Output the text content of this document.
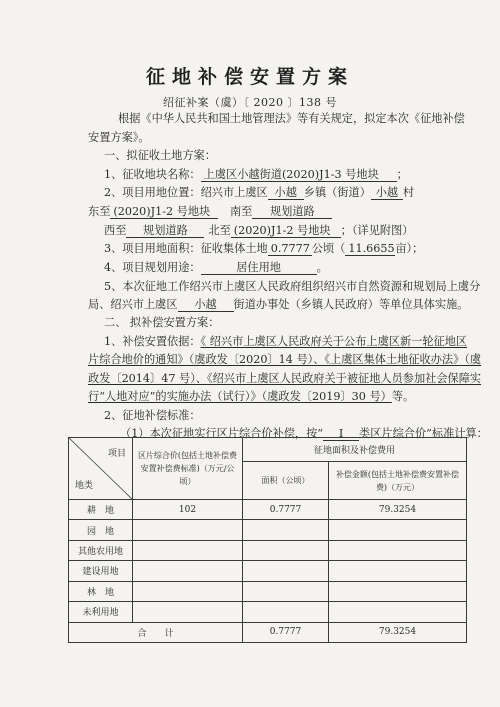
征地补偿安置方案
绍征补案（虞）〔 2020 〕138 号
根据《中华人民共和国土地管理法》等有关规定，拟定本次《征地补偿
安置方案》。
一、拟征收土地方案：
1、征收地块名称： 上虞区小越街道(2020)J1-3 号地块 ；
2、项目用地位置：绍兴市上虞区 小越 乡镇（街道） 小越 村
东至 (2020)J1-2 号地块 南至 规划道路
西至 规划道路 北至 (2020)J1-2 号地块 ；（详见附图）
3、项目用地面积：征收集体土地 0.7777 公顷（ 11.6655亩）；
4、项目规划用途：	居住用地	。
5、本次征地工作绍兴市上虞区人民政府组织绍兴市自然资源和规划局上虞分
局、绍兴市上虞区 小越 街道办事处（乡镇人民政府）等单位具体实施。
二、 拟补偿安置方案：
1、补偿安置依据：《 绍兴市上虞区人民政府关于公布上虞区新一轮征地区
片综合地价的通知》（虞政发〔2020〕14 号）、《上虞区集体土地征收办法》（虞
政发〔2014〕47 号）、《绍兴市上虞区人民政府关于被征地人员参加社会保障实
行“人地对应”的实施办法（试行）》（虞政发〔2019〕30 号）等。
2、征地补偿标准：
（1）本次征地实行区片综合价补偿，按“ I 类区片综合价”标准计算：
项目
地类	区片综合价(包括土地补偿费安置补偿费标准)（万元/公顷）	征地面积及补偿费用	
		面积（公顷）	补偿金额(包括土地补偿费安置补偿费)（万元）
耕　地	102	0.7777	79.3254
园　地			
其他农用地			
建设用地			
林　地			
未利用地			
合　　计		0.7777	79.3254
